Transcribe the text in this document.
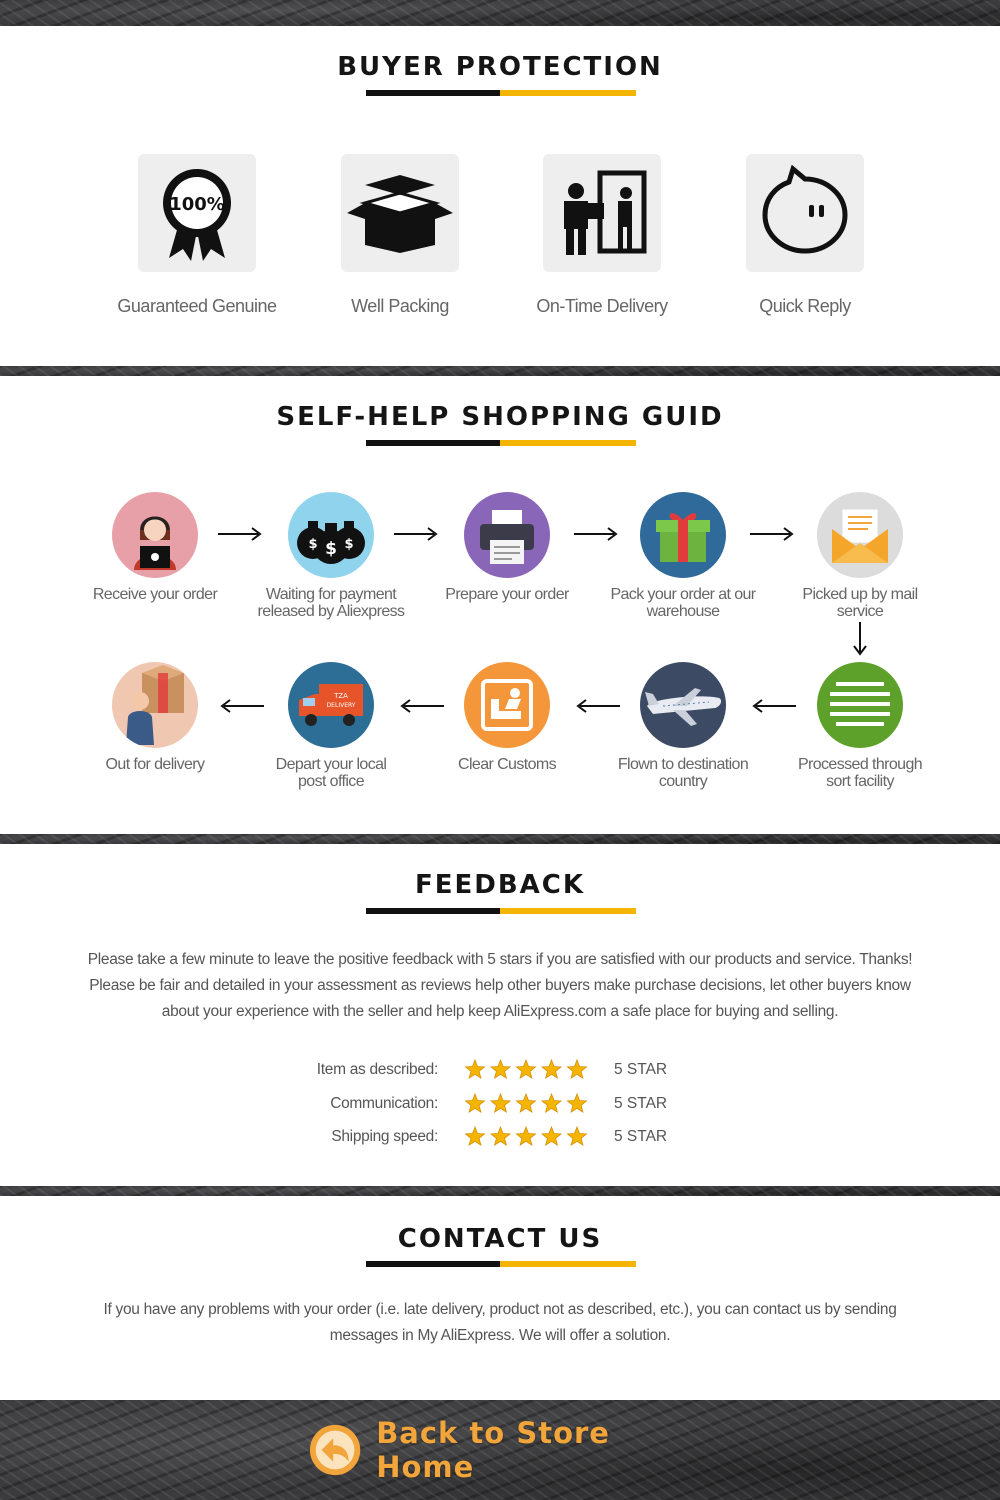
BUYER PROTECTION
100%
Guaranteed Genuine	Well Packing	On-Time Delivery	Quick Reply
SELF-HELP SHOPPING GUID
$ $
$
Receive your order	Waiting for payment
released by Aliexpress
Prepare your order	Pack your order at our
warehouse
Picked up by mail
service
TZA
DELIVERY
Processed through
sort facility
Flown to destination
country
Clear Customs
Depart your local
post office
Out for delivery
FEEDBACK
Please take a few minute to leave the positive feedback with 5 stars if you are satisfied with our products and service. Thanks!
Please be fair and detailed in your assessment as reviews help other buyers make purchase decisions, let other buyers know
about your experience with the seller and help keep AliExpress.com a safe place for buying and selling.
Item as described:	5 STAR
Communication:	5 STAR
Shipping speed:	5 STAR
CONTACT US
If you have any problems with your order (i.e. late delivery, product not as described, etc.), you can contact us by sending
messages in My AliExpress. We will offer a solution.
Back to Store Home
